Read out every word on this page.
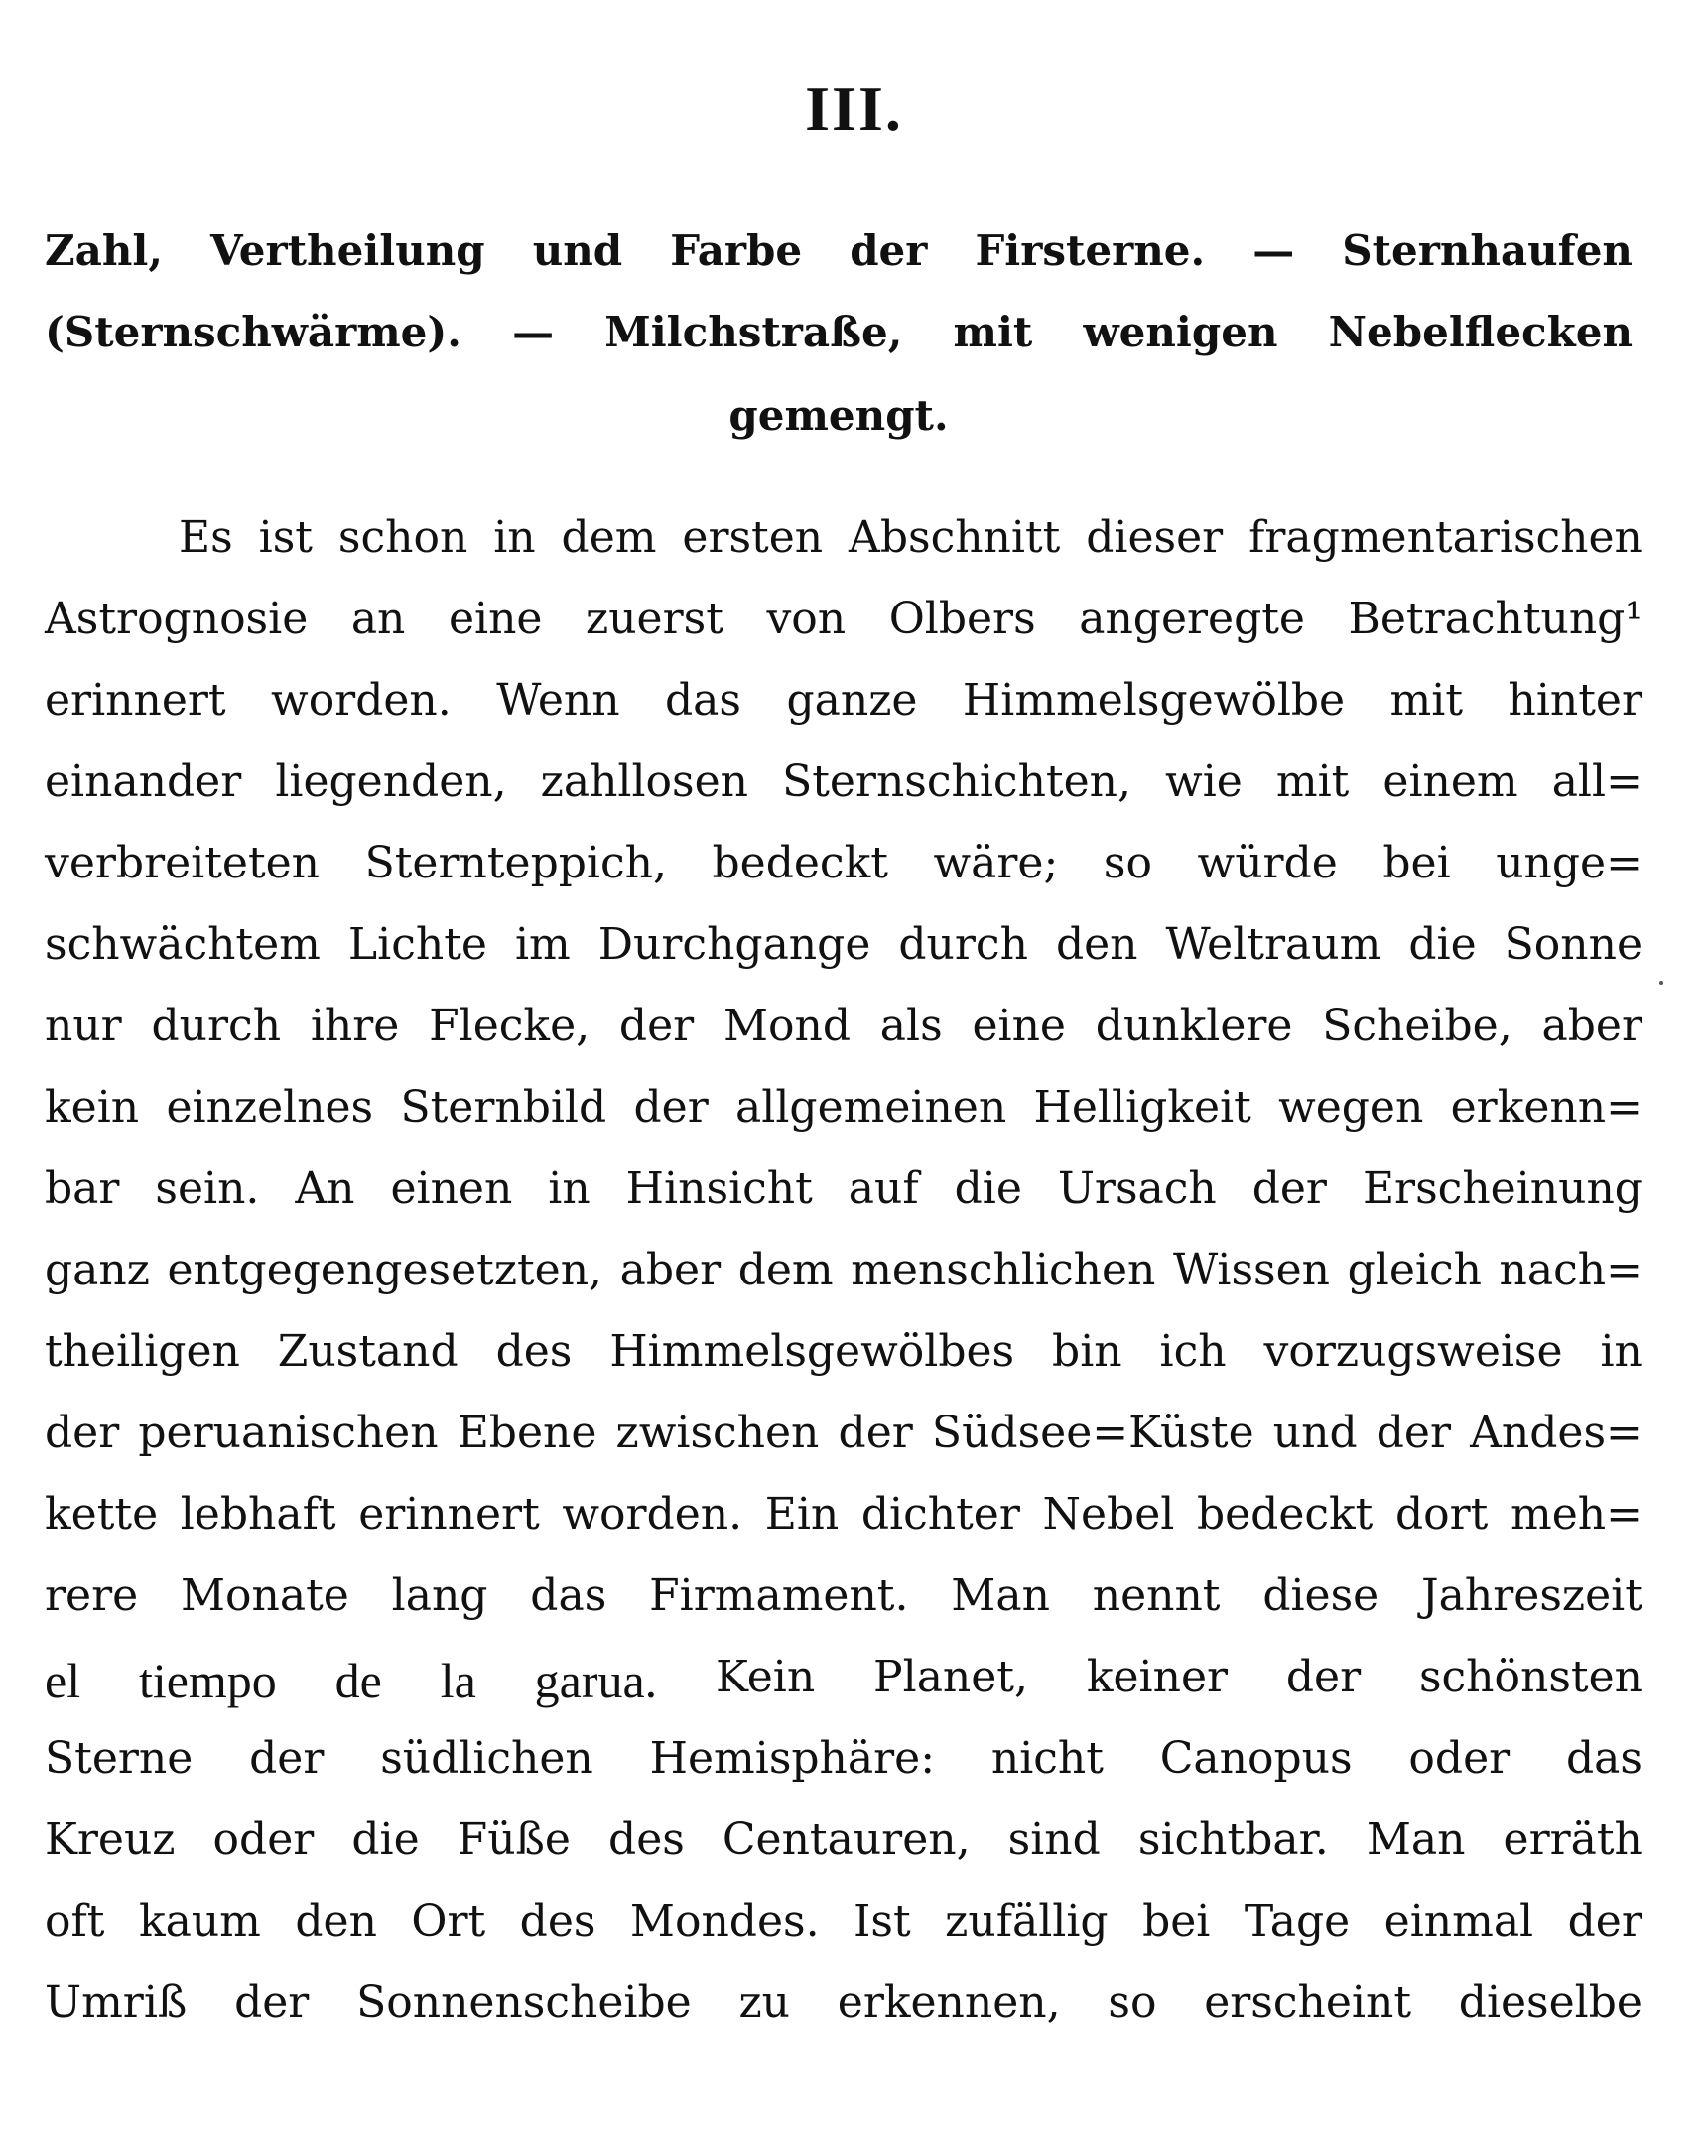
III.
Zahl, Vertheilung und Farbe der Firsterne. — Sternhaufen
(Sternschwärme). — Milchstraße, mit wenigen Nebelflecken
gemengt.
Es ist schon in dem ersten Abschnitt dieser fragmentarischen
Astrognosie an eine zuerst von Olbers angeregte Betrachtung¹
erinnert worden. Wenn das ganze Himmelsgewölbe mit hinter
einander liegenden, zahllosen Sternschichten, wie mit einem all=
verbreiteten Sternteppich, bedeckt wäre; so würde bei unge=
schwächtem Lichte im Durchgange durch den Weltraum die Sonne
nur durch ihre Flecke, der Mond als eine dunklere Scheibe, aber
kein einzelnes Sternbild der allgemeinen Helligkeit wegen erkenn=
bar sein. An einen in Hinsicht auf die Ursach der Erscheinung
ganz entgegengesetzten, aber dem menschlichen Wissen gleich nach=
theiligen Zustand des Himmelsgewölbes bin ich vorzugsweise in
der peruanischen Ebene zwischen der Südsee=Küste und der Andes=
kette lebhaft erinnert worden. Ein dichter Nebel bedeckt dort meh=
rere Monate lang das Firmament. Man nennt diese Jahreszeit
el tiempo de la garua. Kein Planet, keiner der schönsten
Sterne der südlichen Hemisphäre: nicht Canopus oder das
Kreuz oder die Füße des Centauren, sind sichtbar. Man erräth
oft kaum den Ort des Mondes. Ist zufällig bei Tage einmal der
Umriß der Sonnenscheibe zu erkennen, so erscheint dieselbe
